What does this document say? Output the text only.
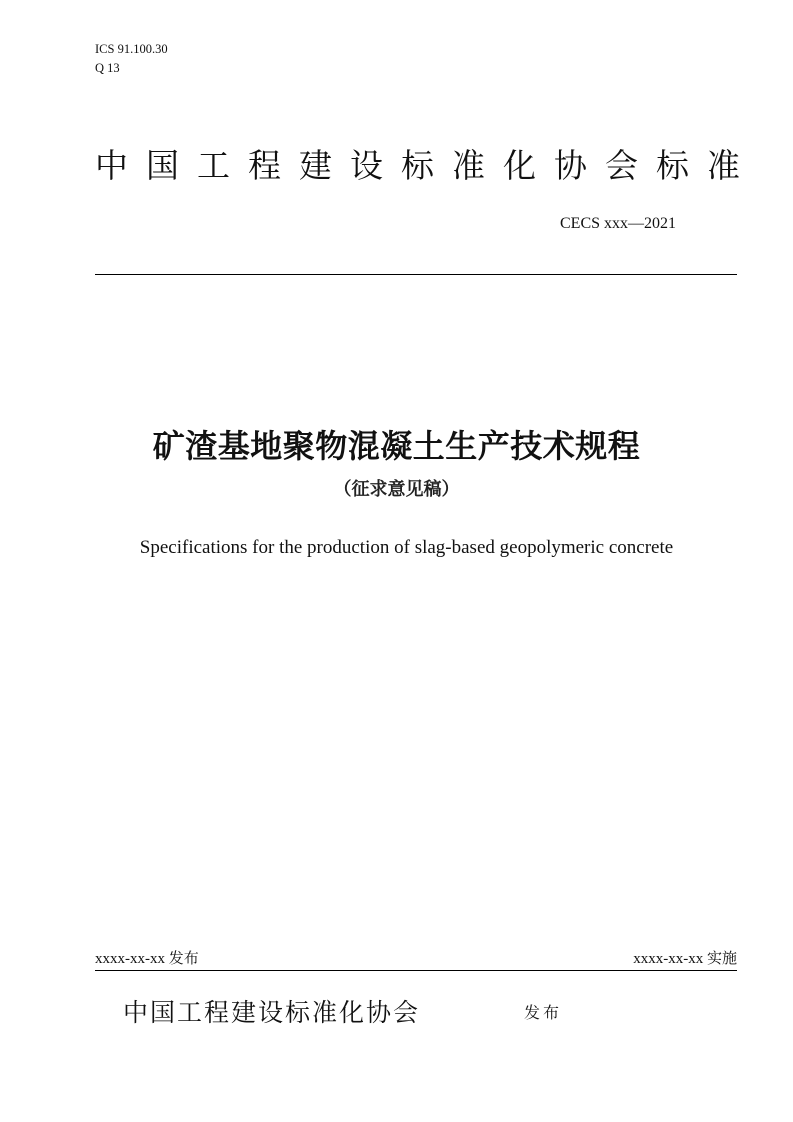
ICS 91.100.30
Q 13
中 国 工 程 建 设 标 准 化 协 会 标 准
CECS xxx—2021
矿渣基地聚物混凝土生产技术规程
（征求意见稿）
Specifications for the production of slag-based geopolymeric concrete
xxxx-xx-xx 发布	xxxx-xx-xx 实施
中国工程建设标准化协会	发布
